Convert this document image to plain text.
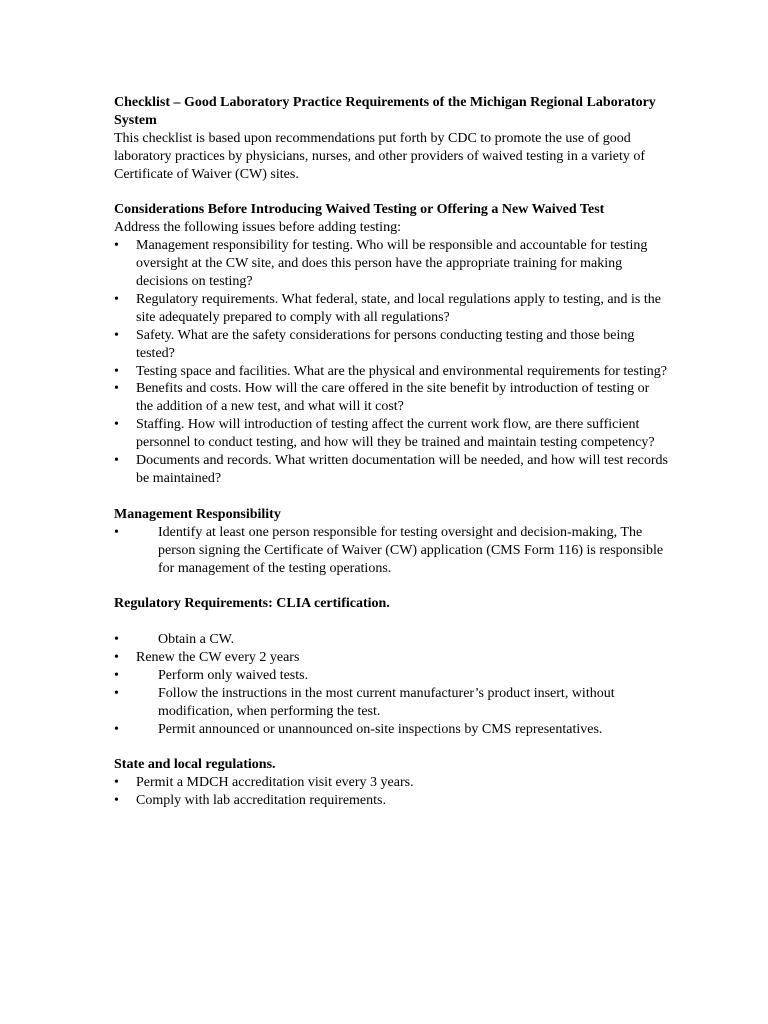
Checklist – Good Laboratory Practice Requirements of the Michigan Regional Laboratory System

This checklist is based upon recommendations put forth by CDC to promote the use of good laboratory practices by physicians, nurses, and other providers of waived testing in a variety of Certificate of Waiver (CW) sites.

Considerations Before Introducing Waived Testing or Offering a New Waived Test

Address the following issues before adding testing:

• Management responsibility for testing. Who will be responsible and accountable for testing oversight at the CW site, and does this person have the appropriate training for making decisions on testing?
• Regulatory requirements. What federal, state, and local regulations apply to testing, and is the site adequately prepared to comply with all regulations?
• Safety. What are the safety considerations for persons conducting testing and those being tested?
• Testing space and facilities. What are the physical and environmental requirements for testing?
• Benefits and costs. How will the care offered in the site benefit by introduction of testing or the addition of a new test, and what will it cost?
• Staffing. How will introduction of testing affect the current work flow, are there sufficient personnel to conduct testing, and how will they be trained and maintain testing competency?
• Documents and records. What written documentation will be needed, and how will test records be maintained?
Management Responsibility
•	Identify at least one person responsible for testing oversight and decision-making, The person signing the Certificate of Waiver (CW) application (CMS Form 116) is responsible for management of the testing operations.
Regulatory Requirements: CLIA certification.
•	Obtain a CW.
• Renew the CW every 2 years
•	Perform only waived tests.
•	Follow the instructions in the most current manufacturer’s product insert, without modification, when performing the test.
•	Permit announced or unannounced on-site inspections by CMS representatives.
State and local regulations.
• Permit a MDCH accreditation visit every 3 years.
• Comply with lab accreditation requirements.
